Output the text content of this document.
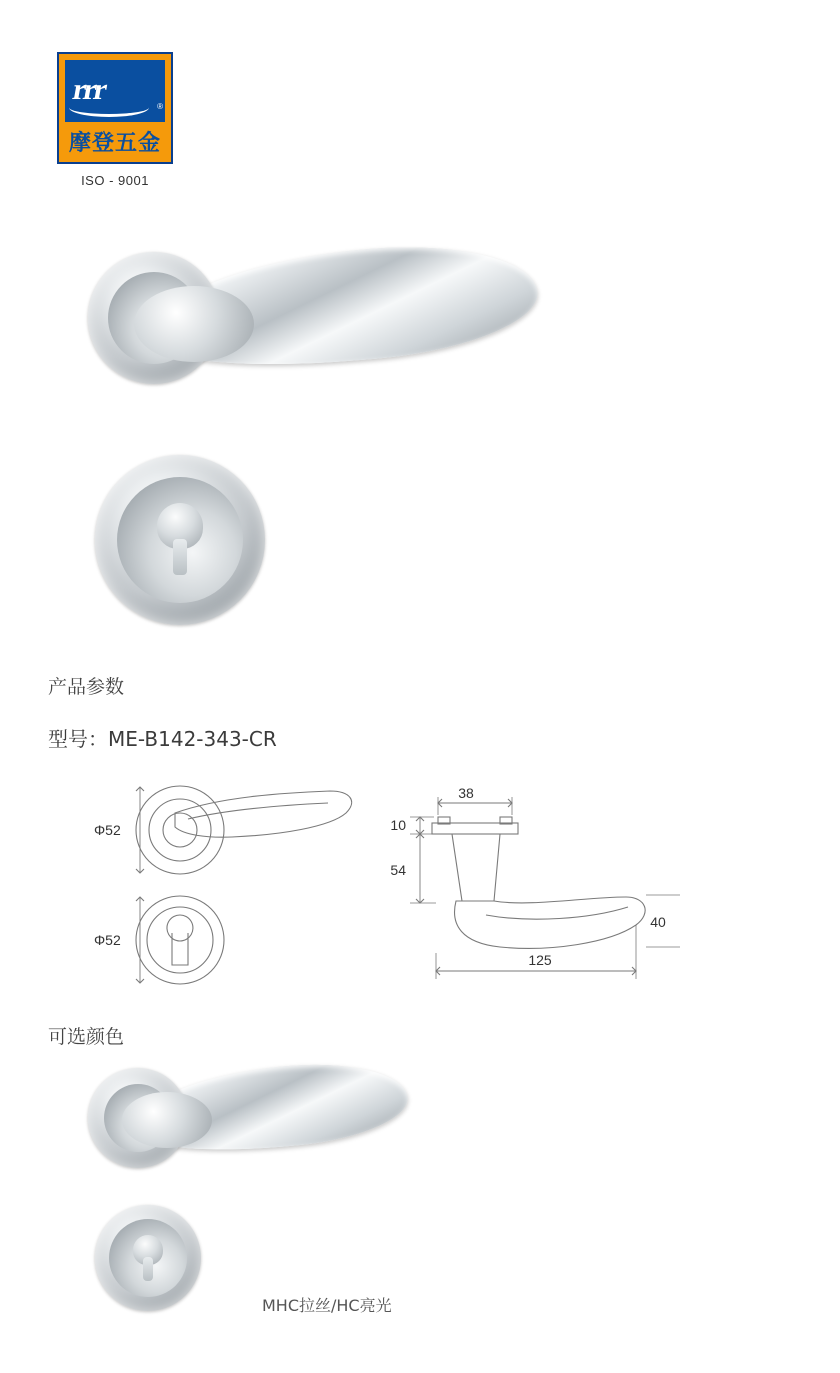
rrr
®
摩登五金
ISO - 9001
产品参数
型号：ME-B142-343-CR
Φ52
Φ52
38
10
54
40
125
可选颜色
MHC拉丝/HC亮光
